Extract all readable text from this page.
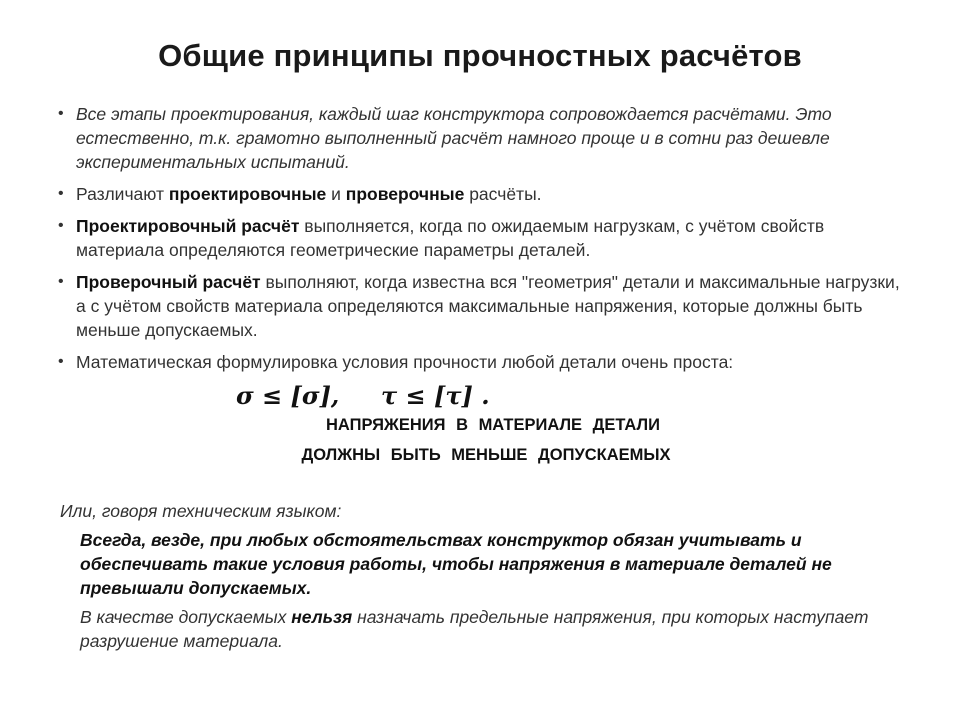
Общие принципы прочностных расчётов
• Все этапы проектирования, каждый шаг конструктора сопровождается расчётами. Это естественно, т.к. грамотно выполненный расчёт намного проще и в сотни раз дешевле экспериментальных испытаний.
• Различают проектировочные и проверочные расчёты.
• Проектировочный расчёт выполняется, когда по ожидаемым нагрузкам, с учётом свойств материала определяются геометрические параметры деталей.
• Проверочный расчёт выполняют, когда известна вся "геометрия" детали и максимальные нагрузки, а с учётом свойств материала определяются максимальные напряжения, которые должны быть меньше допускаемых.
• Математическая формулировка условия прочности любой детали очень проста:
σ ≤ [σ],     τ ≤ [τ] .
НАПРЯЖЕНИЯ В МАТЕРИАЛЕ ДЕТАЛИ
ДОЛЖНЫ БЫТЬ МЕНЬШЕ ДОПУСКАЕМЫХ
Или, говоря техническим языком:
Всегда, везде, при любых обстоятельствах конструктор обязан учитывать и обеспечивать такие условия работы, чтобы напряжения в материале деталей не превышали допускаемых.
В качестве допускаемых нельзя назначать предельные напряжения, при которых наступает разрушение материала.
